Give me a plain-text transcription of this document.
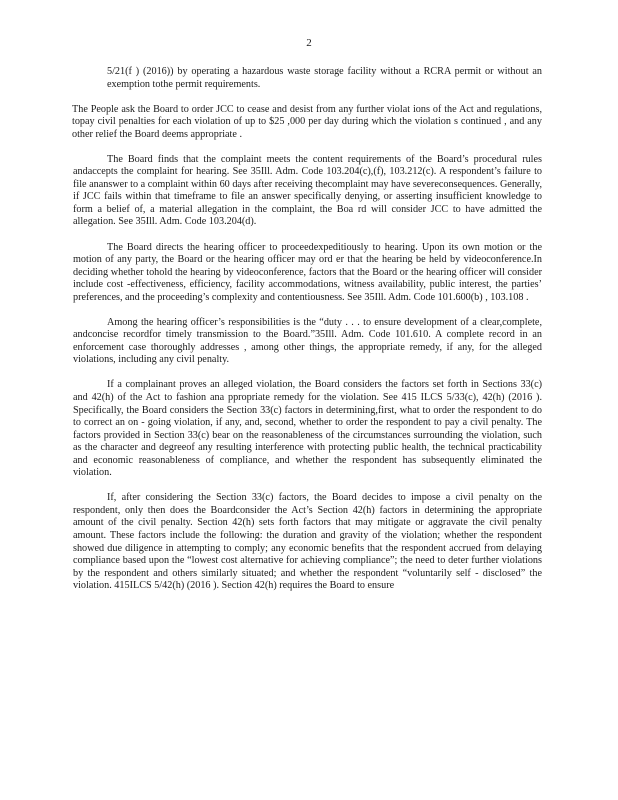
2

5/21(f ) (2016)) by operating a hazardous waste storage facility without a RCRA permit or without an exemption tothe permit requirements.

The People ask the Board to order JCC to cease and desist from any further violat ions of the Act and regulations, topay civil penalties for each violation of up to $25 ,000 per day during which the violation s continued , and any other relief the Board deems appropriate .

The Board finds that the complaint meets the content requirements of the Board’s procedural rules andaccepts the complaint for hearing. See 35Ill. Adm. Code 103.204(c),(f), 103.212(c). A respondent’s failure to file ananswer to a complaint within 60 days after receiving thecomplaint may have severeconsequences. Generally, if JCC fails within that timeframe to file an answer specifically denying, or asserting insufficient knowledge to form a belief of, a material allegation in the complaint, the Boa rd will consider JCC to have admitted the allegation. See 35Ill. Adm. Code 103.204(d).

The Board directs the hearing officer to proceedexpeditiously to hearing. Upon its own motion or the motion of any party, the Board or the hearing officer may ord er that the hearing be held by videoconference.In deciding whether tohold the hearing by videoconference, factors that the Board or the hearing officer will consider include cost -effectiveness, efficiency, facility accommodations, witness availability, public interest, the parties’ preferences, and the proceeding’s complexity and contentiousness. See 35Ill. Adm. Code 101.600(b) , 103.108 .

Among the hearing officer’s responsibilities is the “duty . . . to ensure development of a clear,complete, andconcise recordfor timely transmission to the Board.”35Ill. Adm. Code 101.610. A complete record in an enforcement case thoroughly addresses , among other things, the appropriate remedy, if any, for the alleged violations, including any civil penalty.

If a complainant proves an alleged violation, the Board considers the factors set forth in Sections 33(c) and 42(h) of the Act to fashion ana ppropriate remedy for the violation. See 415 ILCS 5/33(c), 42(h) (2016 ). Specifically, the Board considers the Section 33(c) factors in determining,first, what to order the respondent to do to correct an on - going violation, if any, and, second, whether to order the respondent to pay a civil penalty. The factors provided in Section 33(c) bear on the reasonableness of the circumstances surrounding the violation, such as the character and degreeof any resulting interference with protecting public health, the technical practicability and economic reasonableness of compliance, and whether the respondent has subsequently eliminated the violation.

If, after considering the Section 33(c) factors, the Board decides to impose a civil penalty on the respondent, only then does the Boardconsider the Act’s Section 42(h) factors in determining the appropriate amount of the civil penalty. Section 42(h) sets forth factors that may mitigate or aggravate the civil penalty amount. These factors include the following: the duration and gravity of the violation; whether the respondent showed due diligence in attempting to comply; any economic benefits that the respondent accrued from delaying compliance based upon the “lowest cost alternative for achieving compliance”; the need to deter further violations by the respondent and others similarly situated; and whether the respondent “voluntarily self - disclosed” the violation. 415ILCS 5/42(h) (2016 ). Section 42(h) requires the Board to ensure
